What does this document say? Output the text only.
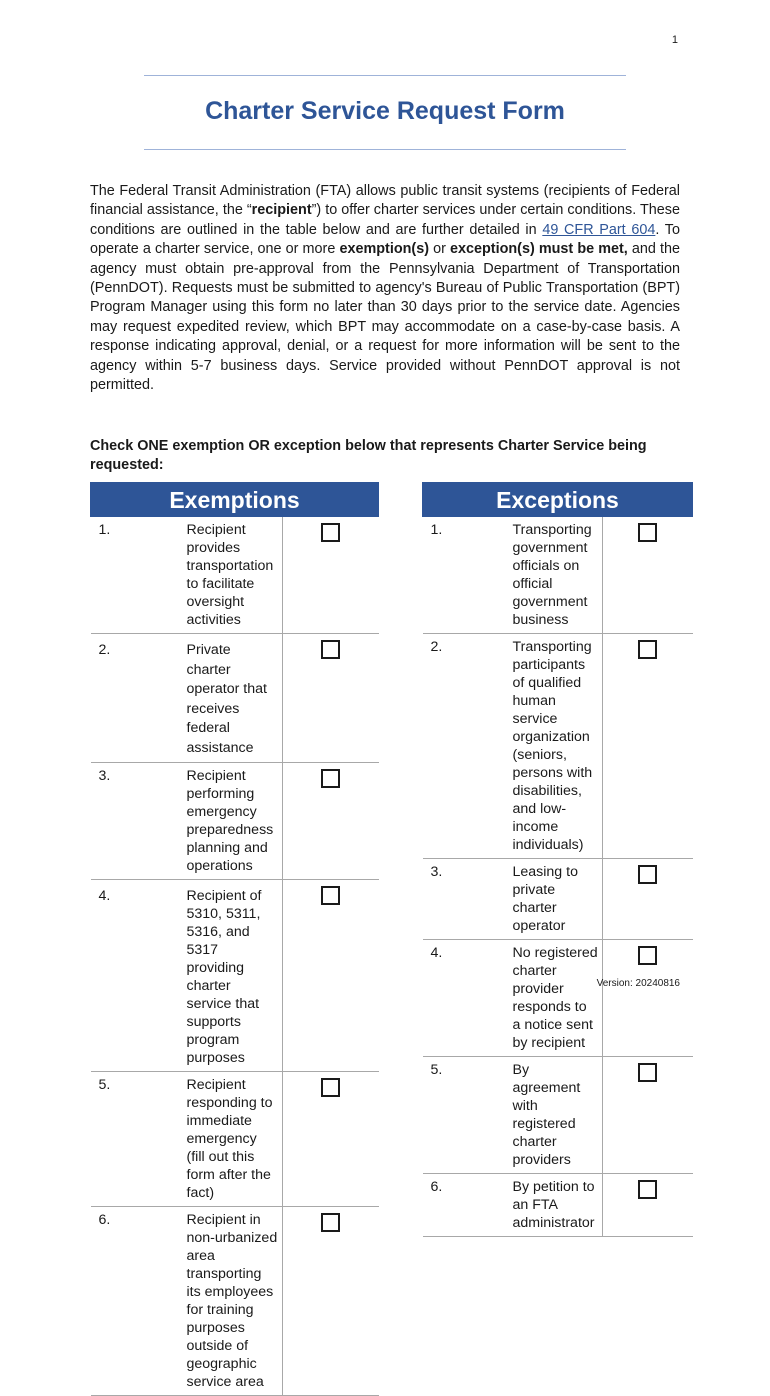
1
Charter Service Request Form

The Federal Transit Administration (FTA) allows public transit systems (recipients of Federal financial assistance, the “recipient”) to offer charter services under certain conditions. These conditions are outlined in the table below and are further detailed in 49 CFR Part 604. To operate a charter service, one or more exemption(s) or exception(s) must be met, and the agency must obtain pre-approval from the Pennsylvania Department of Transportation (PennDOT). Requests must be submitted to agency's Bureau of Public Transportation (BPT) Program Manager using this form no later than 30 days prior to the service date. Agencies may request expedited review, which BPT may accommodate on a case-by-case basis. A response indicating approval, denial, or a request for more information will be sent to the agency within 5-7 business days. Service provided without PennDOT approval is not permitted.

Check ONE exemption OR exception below that represents Charter Service being requested:

Exemptions		
1.	Recipient provides transportation to facilitate oversight activities	
2.	Private charter operator that receives federal assistance	
3.	Recipient performing emergency preparedness planning and operations	
4.	Recipient of 5310, 5311, 5316, and 5317 providing charter service that supports program purposes	
5.	Recipient responding to immediate emergency (fill out this form after the fact)	
6.	Recipient in non-urbanized area transporting its employees for training purposes outside of geographic service area	
Exceptions		
1.	Transporting government officials on official government business	
2.	Transporting participants of qualified human service organization (seniors, persons with disabilities, and low-income individuals)	
3.	Leasing to private charter operator	
4.	No registered charter provider responds to a notice sent by recipient	
5.	By agreement with registered charter providers	
6.	By petition to an FTA administrator	
Version: 20240816
